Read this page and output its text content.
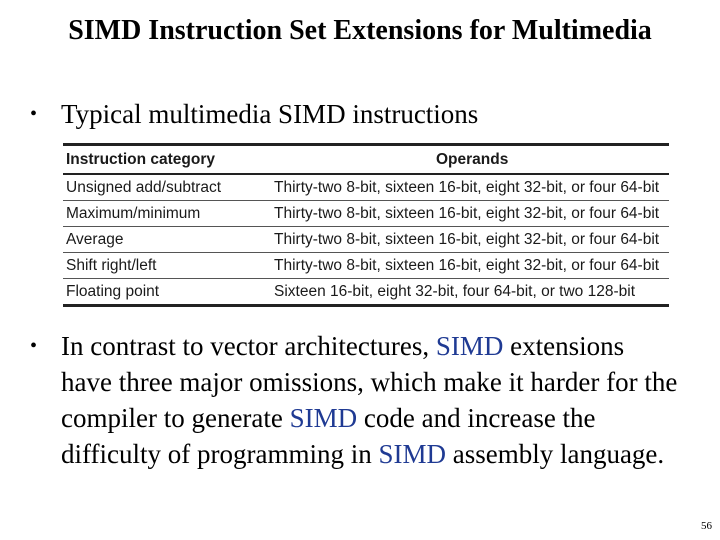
SIMD Instruction Set Extensions for Multimedia
• Typical multimedia SIMD instructions
Instruction category	Operands
Unsigned add/subtract	Thirty-two 8-bit, sixteen 16-bit, eight 32-bit, or four 64-bit
Maximum/minimum	Thirty-two 8-bit, sixteen 16-bit, eight 32-bit, or four 64-bit
Average	Thirty-two 8-bit, sixteen 16-bit, eight 32-bit, or four 64-bit
Shift right/left	Thirty-two 8-bit, sixteen 16-bit, eight 32-bit, or four 64-bit
Floating point	Sixteen 16-bit, eight 32-bit, four 64-bit, or two 128-bit
• In contrast to vector architectures, SIMD extensions have three major omissions, which make it harder for the compiler to generate SIMD code and increase the difficulty of programming in SIMD assembly language.
56
